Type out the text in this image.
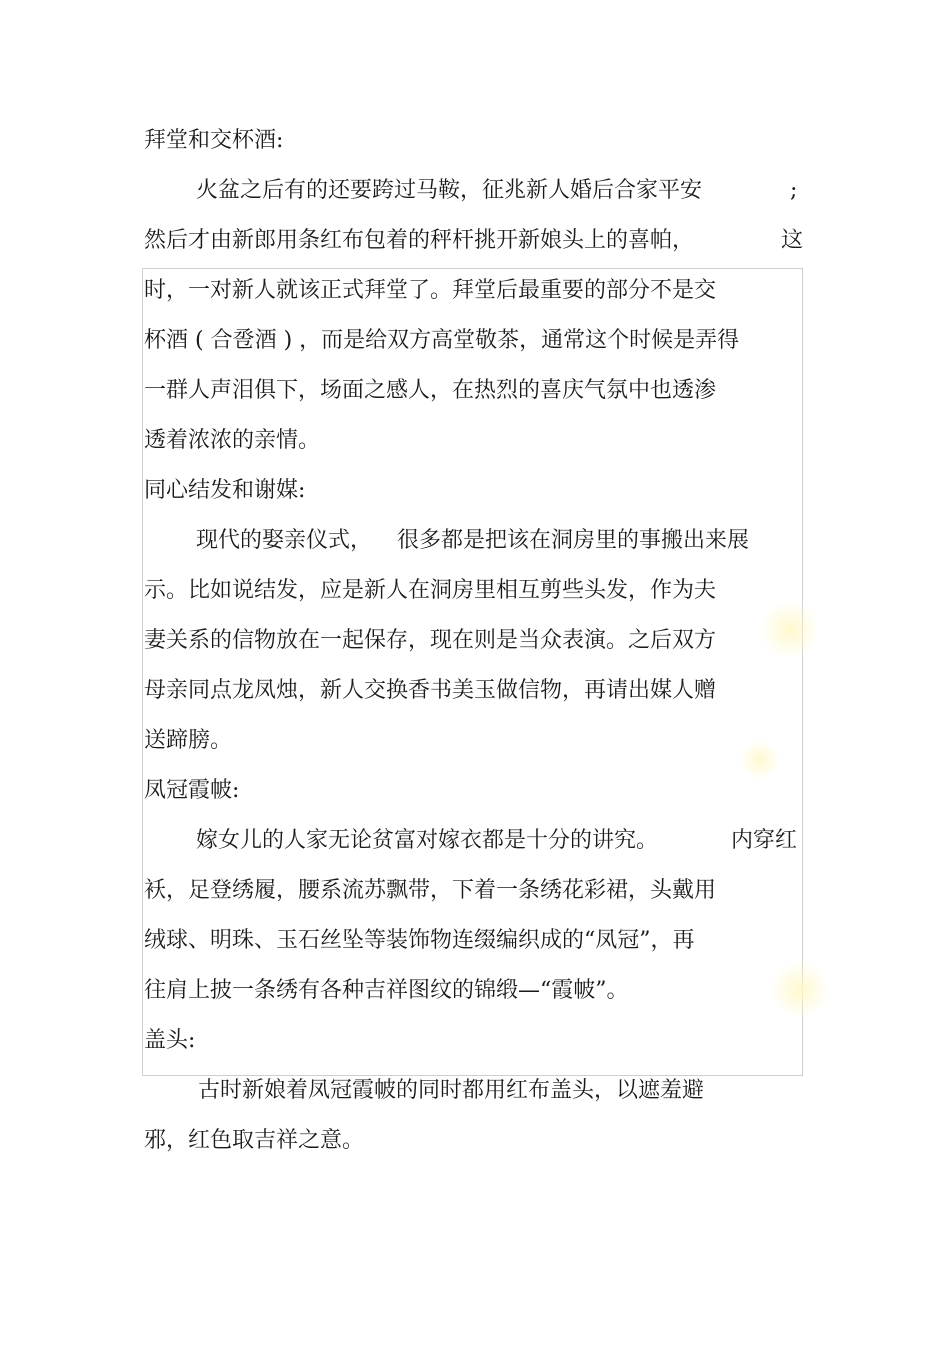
拜堂和交杯酒:
火盆之后有的还要跨过马鞍，征兆新人婚后合家平安	;
然后才由新郎用条红布包着的秤杆挑开新娘头上的喜帕，	这
时，一对新人就该正式拜堂了。拜堂后最重要的部分不是交
杯酒 ( 合卺酒 ) ，而是给双方高堂敬茶，通常这个时候是弄得
一群人声泪俱下，场面之感人，在热烈的喜庆气氛中也透渗
透着浓浓的亲情。
同心结发和谢媒:
现代的娶亲仪式， 很多都是把该在洞房里的事搬出来展
示。比如说结发，应是新人在洞房里相互剪些头发，作为夫
妻关系的信物放在一起保存，现在则是当众表演。之后双方
母亲同点龙凤烛，新人交换香书美玉做信物，再请出媒人赠
送蹄膀。
凤冠霞帔:
嫁女儿的人家无论贫富对嫁衣都是十分的讲究。	内穿红
袄，足登绣履，腰系流苏飘带，下着一条绣花彩裙，头戴用
绒球、明珠、玉石丝坠等装饰物连缀编织成的“凤冠”，再
往肩上披一条绣有各种吉祥图纹的锦缎—“霞帔”。
盖头:
古时新娘着凤冠霞帔的同时都用红布盖头，以遮羞避
邪，红色取吉祥之意。
